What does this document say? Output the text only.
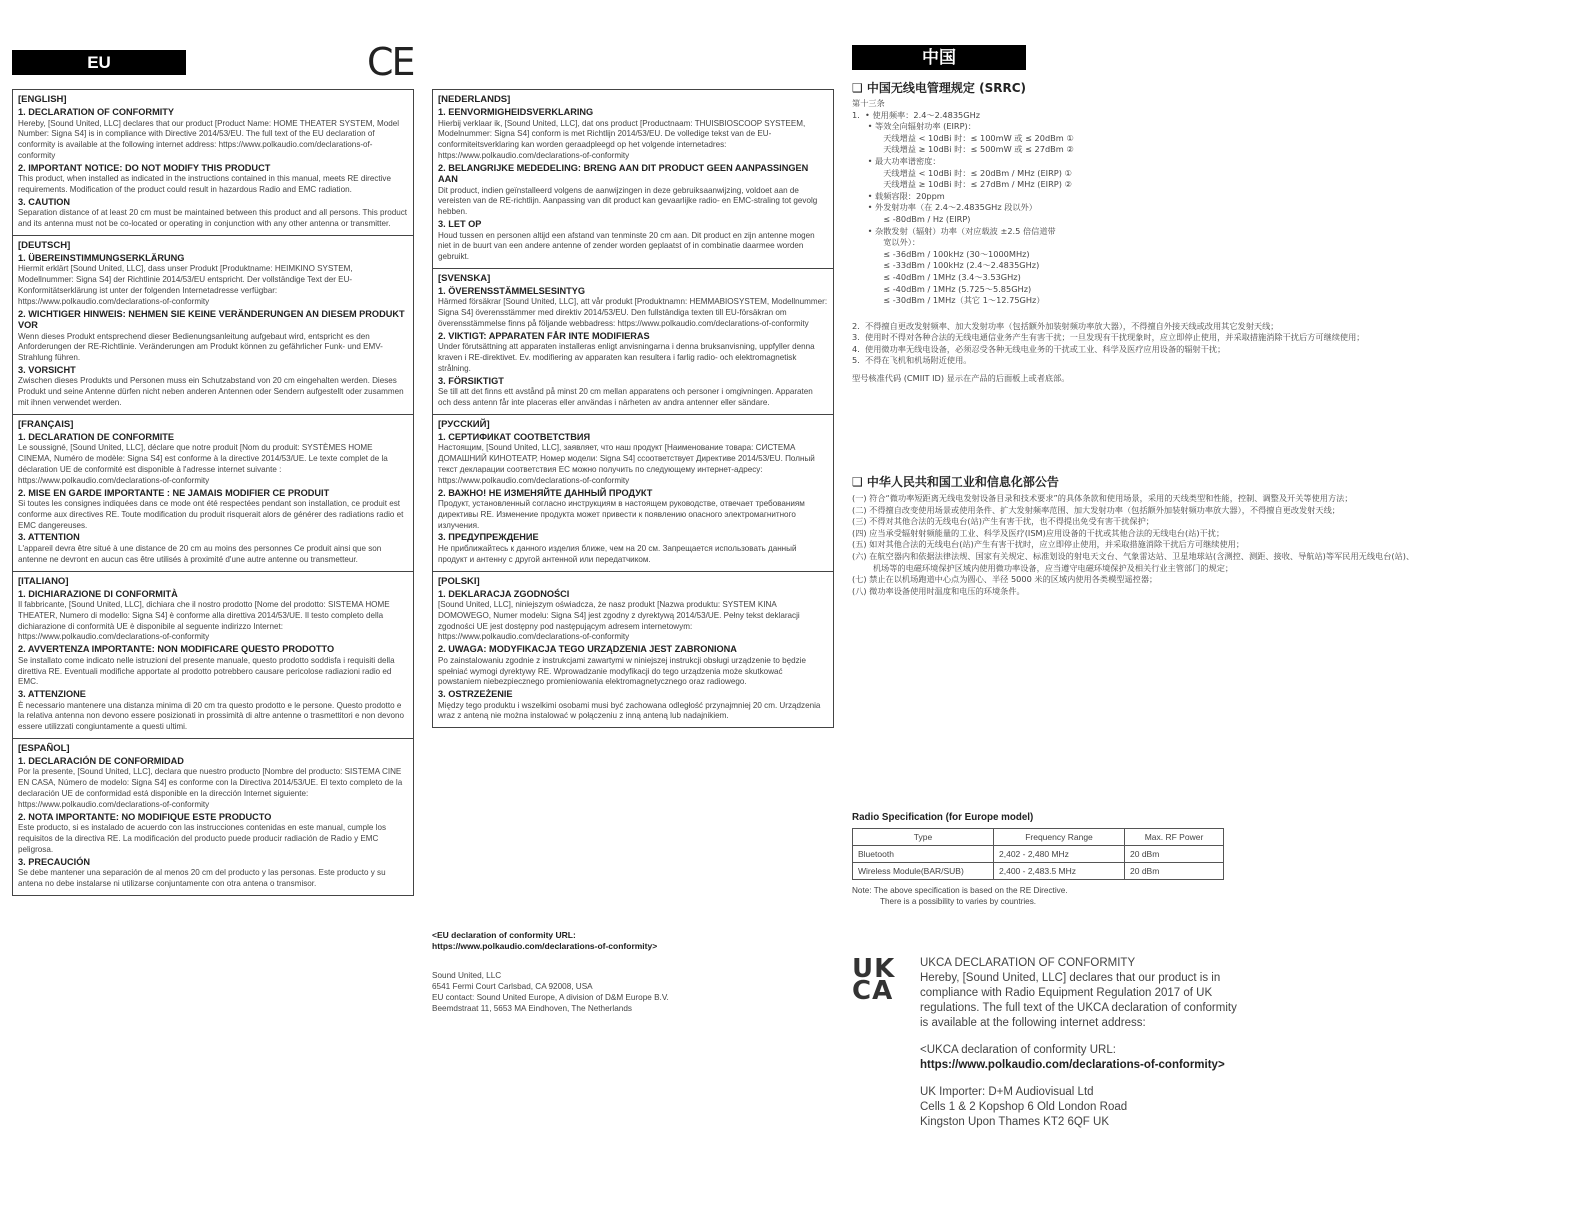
EU	CE	中国
[ENGLISH]
1. DECLARATION OF CONFORMITY
Hereby, [Sound United, LLC] declares that our product [Product Name: HOME THEATER SYSTEM, Model Number: Signa S4] is in compliance with Directive 2014/53/EU. The full text of the EU declaration of conformity is available at the following internet address: https://www.polkaudio.com/declarations-of-conformity
2. IMPORTANT NOTICE: DO NOT MODIFY THIS PRODUCT
This product, when installed as indicated in the instructions contained in this manual, meets RE directive requirements. Modification of the product could result in hazardous Radio and EMC radiation.
3. CAUTION
Separation distance of at least 20 cm must be maintained between this product and all persons. This product and its antenna must not be co-located or operating in conjunction with any other antenna or transmitter.
[DEUTSCH]
1. ÜBEREINSTIMMUNGSERKLÄRUNG
Hiermit erklärt [Sound United, LLC], dass unser Produkt [Produktname: HEIMKINO SYSTEM, Modellnummer: Signa S4] der Richtlinie 2014/53/EU entspricht. Der vollständige Text der EU-Konformitätserklärung ist unter der folgenden Internetadresse verfügbar: https://www.polkaudio.com/declarations-of-conformity
2. WICHTIGER HINWEIS: NEHMEN SIE KEINE VERÄNDERUNGEN AN DIESEM PRODUKT VOR
Wenn dieses Produkt entsprechend dieser Bedienungsanleitung aufgebaut wird, entspricht es den Anforderungen der RE-Richtlinie. Veränderungen am Produkt können zu gefährlicher Funk- und EMV-Strahlung führen.
3. VORSICHT
Zwischen dieses Produkts und Personen muss ein Schutzabstand von 20 cm eingehalten werden. Dieses Produkt und seine Antenne dürfen nicht neben anderen Antennen oder Sendern aufgestellt oder zusammen mit ihnen verwendet werden.
[FRANÇAIS]
1. DECLARATION DE CONFORMITE
Le soussigné, [Sound United, LLC], déclare que notre produit [Nom du produit: SYSTÈMES HOME CINEMA, Numéro de modèle: Signa S4] est conforme à la directive 2014/53/UE. Le texte complet de la déclaration UE de conformité est disponible à l'adresse internet suivante : https://www.polkaudio.com/declarations-of-conformity
2. MISE EN GARDE IMPORTANTE : NE JAMAIS MODIFIER CE PRODUIT
Si toutes les consignes indiquées dans ce mode ont été respectées pendant son installation, ce produit est conforme aux directives RE. Toute modification du produit risquerait alors de générer des radiations radio et EMC dangereuses.
3. ATTENTION
L'appareil devra être situé à une distance de 20 cm au moins des personnes Ce produit ainsi que son antenne ne devront en aucun cas être utilisés à proximité d'une autre antenne ou transmetteur.
[ITALIANO]
1. DICHIARAZIONE DI CONFORMITÀ
Il fabbricante, [Sound United, LLC], dichiara che il nostro prodotto [Nome del prodotto: SISTEMA HOME THEATER, Numero di modello: Signa S4] è conforme alla direttiva 2014/53/UE. Il testo completo della dichiarazione di conformità UE è disponibile al seguente indirizzo Internet: https://www.polkaudio.com/declarations-of-conformity
2. AVVERTENZA IMPORTANTE: NON MODIFICARE QUESTO PRODOTTO
Se installato come indicato nelle istruzioni del presente manuale, questo prodotto soddisfa i requisiti della direttiva RE. Eventuali modifiche apportate al prodotto potrebbero causare pericolose radiazioni radio ed EMC.
3. ATTENZIONE
È necessario mantenere una distanza minima di 20 cm tra questo prodotto e le persone. Questo prodotto e la relativa antenna non devono essere posizionati in prossimità di altre antenne o trasmettitori e non devono essere utilizzati congiuntamente a questi ultimi.
[ESPAÑOL]
1. DECLARACIÓN DE CONFORMIDAD
Por la presente, [Sound United, LLC], declara que nuestro producto [Nombre del producto: SISTEMA CINE EN CASA, Número de modelo: Signa S4] es conforme con la Directiva 2014/53/UE. El texto completo de la declaración UE de conformidad está disponible en la dirección Internet siguiente: https://www.polkaudio.com/declarations-of-conformity
2. NOTA IMPORTANTE: NO MODIFIQUE ESTE PRODUCTO
Este producto, si es instalado de acuerdo con las instrucciones contenidas en este manual, cumple los requisitos de la directiva RE. La modificación del producto puede producir radiación de Radio y EMC peligrosa.
3. PRECAUCIÓN
Se debe mantener una separación de al menos 20 cm del producto y las personas. Este producto y su antena no debe instalarse ni utilizarse conjuntamente con otra antena o transmisor.
[NEDERLANDS]
1. EENVORMIGHEIDSVERKLARING
Hierbij verklaar ik, [Sound United, LLC], dat ons product [Productnaam: THUISBIOSCOOP SYSTEEM, Modelnummer: Signa S4] conform is met Richtlijn 2014/53/EU. De volledige tekst van de EU-conformiteitsverklaring kan worden geraadpleegd op het volgende internetadres: https://www.polkaudio.com/declarations-of-conformity
2. BELANGRIJKE MEDEDELING: BRENG AAN DIT PRODUCT GEEN AANPASSINGEN AAN
Dit product, indien geïnstalleerd volgens de aanwijzingen in deze gebruiksaanwijzing, voldoet aan de vereisten van de RE-richtlijn. Aanpassing van dit product kan gevaarlijke radio- en EMC-straling tot gevolg hebben.
3. LET OP
Houd tussen en personen altijd een afstand van tenminste 20 cm aan. Dit product en zijn antenne mogen niet in de buurt van een andere antenne of zender worden geplaatst of in combinatie daarmee worden gebruikt.
[SVENSKA]
1. ÖVERENSSTÄMMELSESINTYG
Härmed försäkrar [Sound United, LLC], att vår produkt [Produktnamn: HEMMABIOSYSTEM, Modellnummer: Signa S4] överensstämmer med direktiv 2014/53/EU. Den fullständiga texten till EU-försäkran om överensstämmelse finns på följande webbadress: https://www.polkaudio.com/declarations-of-conformity
2. VIKTIGT: APPARATEN FÅR INTE MODIFIERAS
Under förutsättning att apparaten installeras enligt anvisningarna i denna bruksanvisning, uppfyller denna kraven i RE-direktivet. Ev. modifiering av apparaten kan resultera i farlig radio- och elektromagnetisk strålning.
3. FÖRSIKTIGT
Se till att det finns ett avstånd på minst 20 cm mellan apparatens och personer i omgivningen. Apparaten och dess antenn får inte placeras eller användas i närheten av andra antenner eller sändare.
[РУССКИЙ]
1. СЕРТИФИКАТ СООТВЕТСТВИЯ
Настоящим, [Sound United, LLC], заявляет, что наш продукт [Наименование товара: СИСТЕМА ДОМАШНИЙ КИНОТЕАТР, Номер модели: Signa S4] ссоответствует Директиве 2014/53/EU. Полный текст декларации соответствия ЕС можно получить по следующему интернет-адресу: https://www.polkaudio.com/declarations-of-conformity
2. ВАЖНО! НЕ ИЗМЕНЯЙТЕ ДАННЫЙ ПРОДУКТ
Продукт, установленный согласно инструкциям в настоящем руководстве, отвечает требованиям директивы RE. Изменение продукта может привести к появлению опасного электромагнитного излучения.
3. ПРЕДУПРЕЖДЕНИЕ
Не приближайтесь к данного изделия ближе, чем на 20 см. Запрещается использовать данный продукт и антенну с другой антенной или передатчиком.
[POLSKI]
1. DEKLARACJA ZGODNOŚCI
[Sound United, LLC], niniejszym oświadcza, że nasz produkt [Nazwa produktu: SYSTEM KINA DOMOWEGO, Numer modelu: Signa S4] jest zgodny z dyrektywą 2014/53/UE. Pełny tekst deklaracji zgodności UE jest dostępny pod następującym adresem internetowym: https://www.polkaudio.com/declarations-of-conformity
2. UWAGA: MODYFIKACJA TEGO URZĄDZENIA JEST ZABRONIONA
Po zainstalowaniu zgodnie z instrukcjami zawartymi w niniejszej instrukcji obsługi urządzenie to będzie spełniać wymogi dyrektywy RE. Wprowadzanie modyfikacji do tego urządzenia może skutkować powstaniem niebezpiecznego promieniowania elektromagnetycznego oraz radiowego.
3. OSTRZEŻENIE
Między tego produktu i wszelkimi osobami musi być zachowana odległość przynajmniej 20 cm. Urządzenia wraz z anteną nie można instalować w połączeniu z inną anteną lub nadajnikiem.
<EU declaration of conformity URL:
https://www.polkaudio.com/declarations-of-conformity>
Sound United, LLC
6541 Fermi Court Carlsbad, CA 92008, USA
EU contact: Sound United Europe, A division of D&M Europe B.V.
Beemdstraat 11, 5653 MA Eindhoven, The Netherlands
❑ 中国无线电管理规定 (SRRC)
第十三条
1.  • 使用频率：2.4～2.4835GHz
• 等效全向辐射功率 (EIRP)：
天线增益 < 10dBi 时：≤ 100mW 或 ≤ 20dBm ①
天线增益 ≥ 10dBi 时：≤ 500mW 或 ≤ 27dBm ②
• 最大功率谱密度：
天线增益 < 10dBi 时：≤ 20dBm / MHz (EIRP) ①
天线增益 ≥ 10dBi 时：≤ 27dBm / MHz (EIRP) ②
• 载频容限：20ppm
• 外发射功率（在 2.4～2.4835GHz 段以外）
≤ -80dBm / Hz (EIRP)
• 杂散发射（辐射）功率（对应载波 ±2.5 倍信道带
宽以外）：
≤ -36dBm / 100kHz (30～1000MHz)
≤ -33dBm / 100kHz (2.4～2.4835GHz)
≤ -40dBm / 1MHz (3.4～3.53GHz)
≤ -40dBm / 1MHz (5.725～5.85GHz)
≤ -30dBm / 1MHz（其它 1～12.75GHz）
2.  不得擅自更改发射频率、加大发射功率（包括额外加装射频功率放大器），不得擅自外接天线或改用其它发射天线；
3.  使用时不得对各种合法的无线电通信业务产生有害干扰；一旦发现有干扰现象时，应立即停止使用，并采取措施消除干扰后方可继续使用；
4.  使用微功率无线电设备，必须忍受各种无线电业务的干扰或工业、科学及医疗应用设备的辐射干扰；
5.  不得在飞机和机场附近使用。
型号核准代码 (CMIIT ID) 显示在产品的后面板上或者底部。
❑ 中华人民共和国工业和信息化部公告
(一) 符合“微功率短距离无线电发射设备目录和技术要求”的具体条款和使用场景，采用的天线类型和性能，控制、调整及开关等使用方法；
(二) 不得擅自改变使用场景或使用条件、扩大发射频率范围、加大发射功率（包括额外加装射频功率放大器），不得擅自更改发射天线；
(三) 不得对其他合法的无线电台(站)产生有害干扰，也不得提出免受有害干扰保护；
(四) 应当承受辐射射频能量的工业、科学及医疗(ISM)应用设备的干扰或其他合法的无线电台(站)干扰；
(五) 如对其他合法的无线电台(站)产生有害干扰时，应立即停止使用，并采取措施消除干扰后方可继续使用；
(六) 在航空器内和依据法律法规、国家有关规定、标准划设的射电天文台、气象雷达站、卫星地球站(含测控、测距、接收、导航站)等军民用无线电台(站)、
机场等的电磁环境保护区域内使用微功率设备，应当遵守电磁环境保护及相关行业主管部门的规定；
(七) 禁止在以机场跑道中心点为圆心、半径 5000 米的区域内使用各类模型遥控器；
(八) 微功率设备使用时温度和电压的环境条件。
Radio Specification (for Europe model)
Type	Frequency Range	Max. RF Power
Bluetooth	2,402 - 2,480 MHz	20 dBm
Wireless Module(BAR/SUB)	2,400 - 2,483.5 MHz	20 dBm
Note: The above specification is based on the RE Directive.
There is a possibility to varies by countries.
UK
CA
UKCA DECLARATION OF CONFORMITY
Hereby, [Sound United, LLC] declares that our product is in
compliance with Radio Equipment Regulation 2017 of UK
regulations. The full text of the UKCA declaration of conformity
is available at the following internet address:
<UKCA declaration of conformity URL:
https://www.polkaudio.com/declarations-of-conformity>
UK Importer: D+M Audiovisual Ltd
Cells 1 & 2 Kopshop 6 Old London Road
Kingston Upon Thames KT2 6QF UK
